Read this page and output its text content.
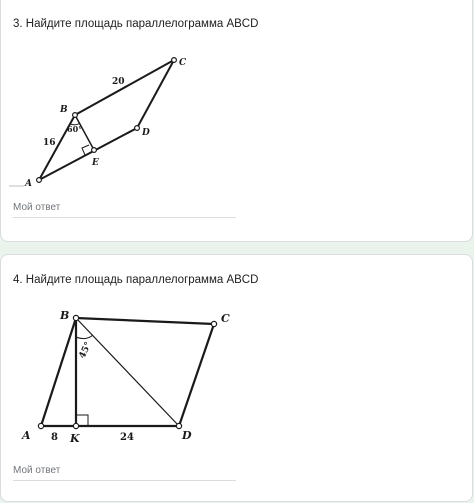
3. Найдите площадь параллелограмма ABCD
A
B
C
D
E
20
16
60°
Мой ответ
4. Найдите площадь параллелограмма ABCD
A
B	C
D
K
8	24
45°
Мой ответ
